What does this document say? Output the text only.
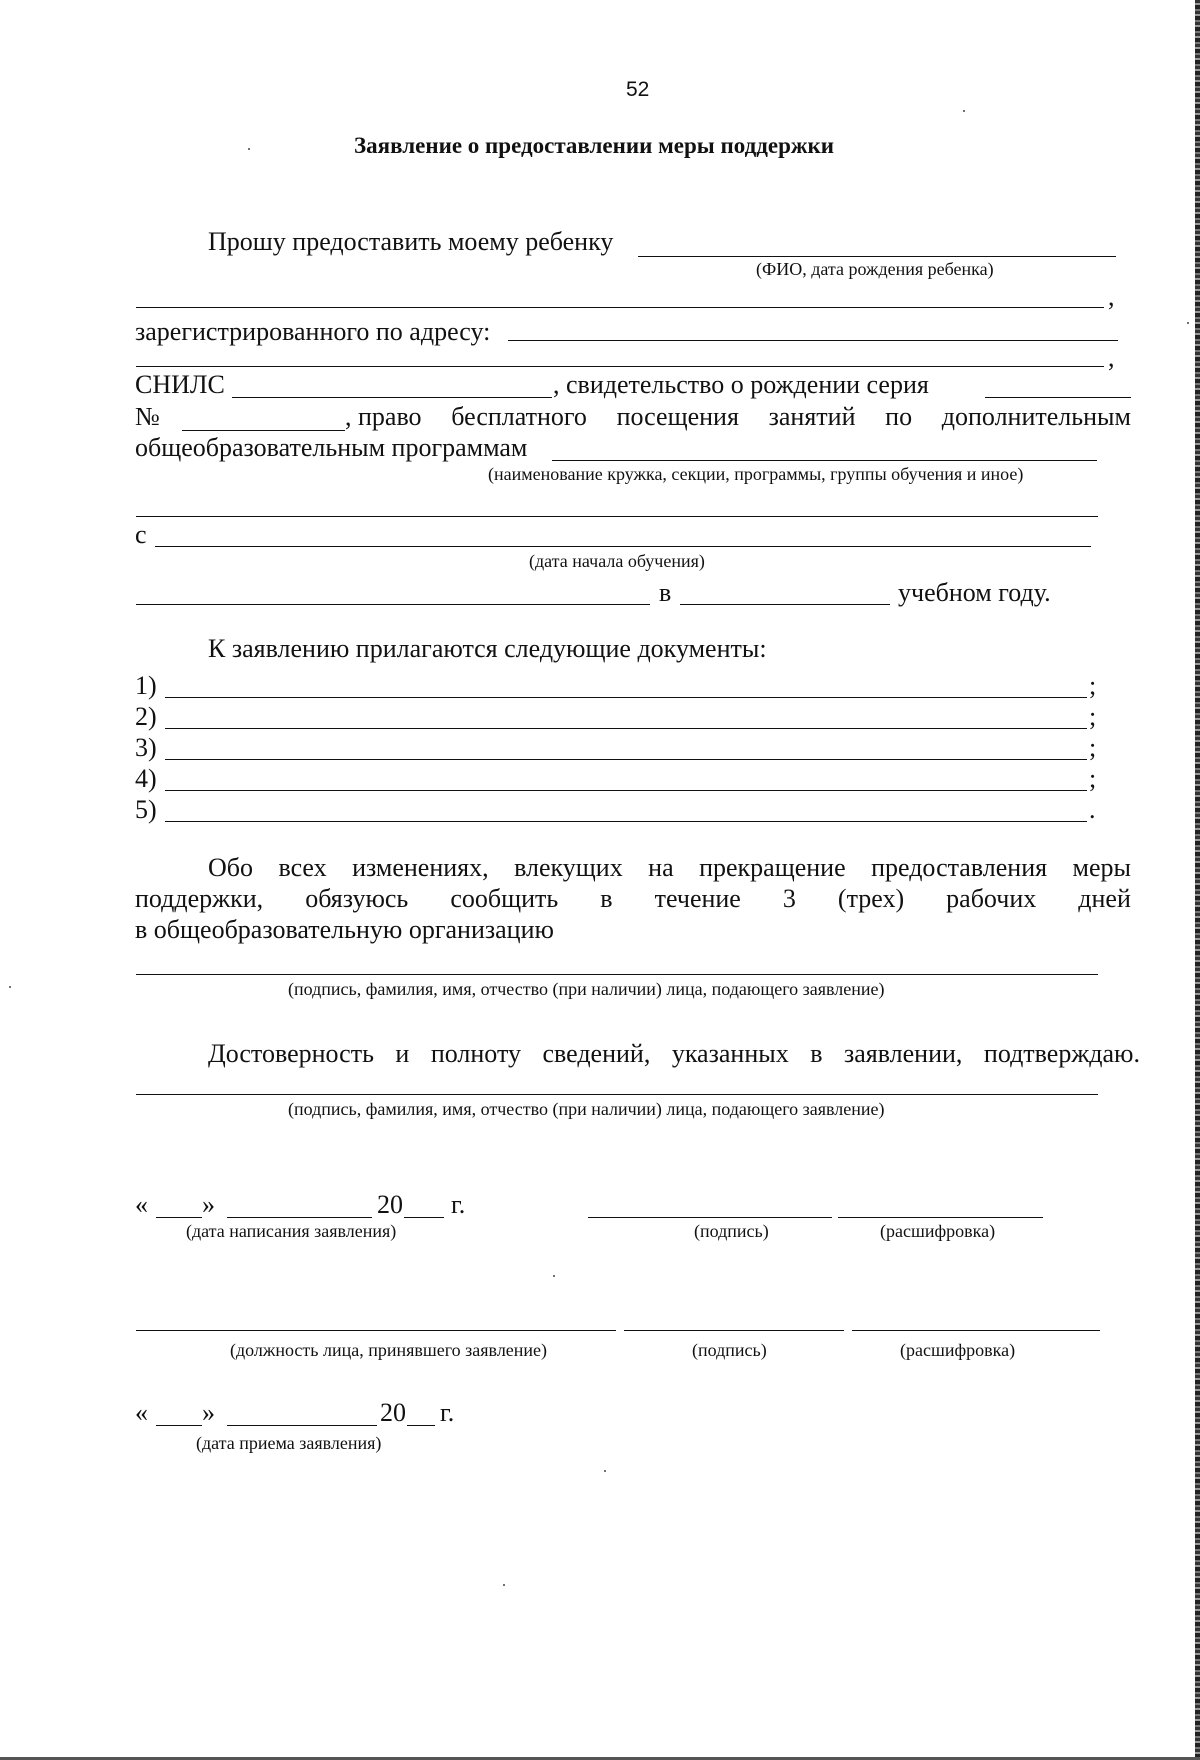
52
Заявление о предоставлении меры поддержки
Прошу предоставить моему ребенку
(ФИО, дата рождения ребенка)
,
зарегистрированного по адресу:
,
СНИЛС	, свидетельство о рождении серия
№	, право бесплатного посещения занятий по дополнительным
общеобразовательным программам
(наименование кружка, секции, программы, группы обучения и иное)
с
(дата начала обучения)
в	учебном году.
К заявлению прилагаются следующие документы:
1)	;
2)	;
3)	;
4)	;
5)	.
Обо всех изменениях, влекущих на прекращение предоставления меры
поддержки, обязуюсь сообщить в течение 3 (трех) рабочих дней
в общеобразовательную организацию
(подпись, фамилия, имя, отчество (при наличии) лица, подающего заявление)
Достоверность и полноту сведений, указанных в заявлении, подтверждаю.
(подпись, фамилия, имя, отчество (при наличии) лица, подающего заявление)
« »	20 г.
(дата написания заявления)	(подпись)	(расшифровка)
(должность лица, принявшего заявление)	(подпись)	(расшифровка)
« »	20 г.
(дата приема заявления)
